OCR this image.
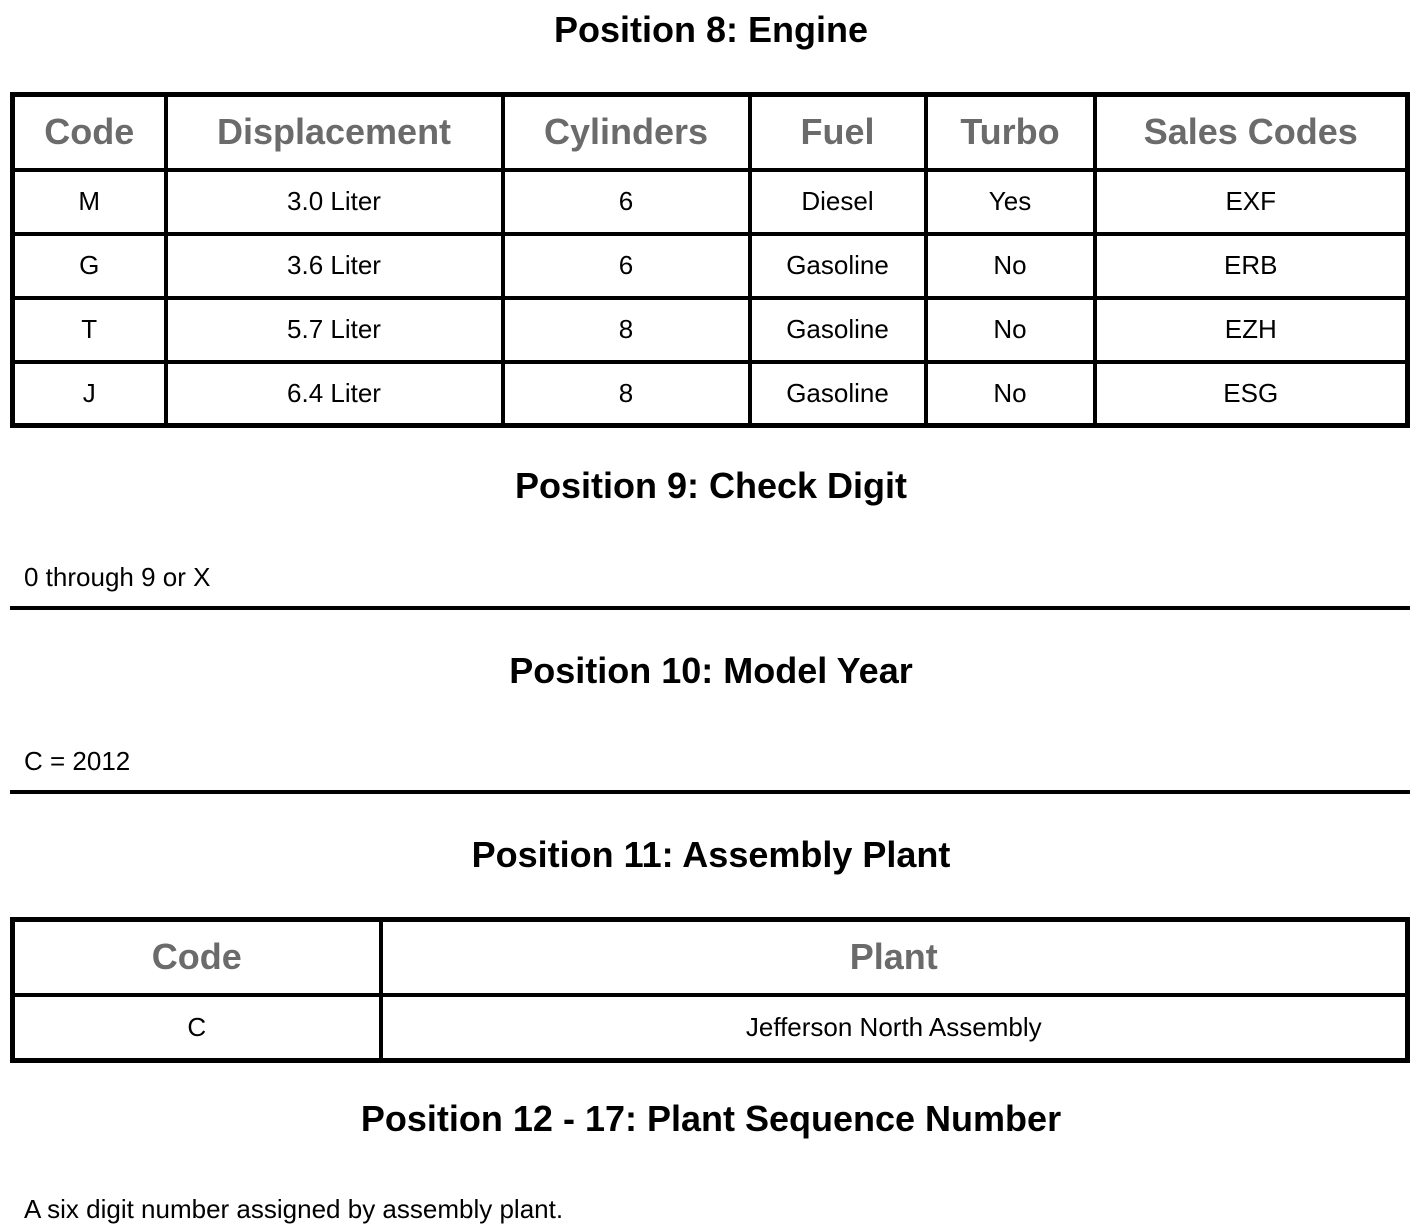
Position 8: Engine
Code	Displacement	Cylinders	Fuel	Turbo	Sales Codes
M	3.0 Liter	6	Diesel	Yes	EXF
G	3.6 Liter	6	Gasoline	No	ERB
T	5.7 Liter	8	Gasoline	No	EZH
J	6.4 Liter	8	Gasoline	No	ESG
Position 9: Check Digit

0 through 9 or X

Position 10: Model Year

C = 2012

Position 11: Assembly Plant
Code	Plant
C	Jefferson North Assembly
Position 12 - 17: Plant Sequence Number

A six digit number assigned by assembly plant.
